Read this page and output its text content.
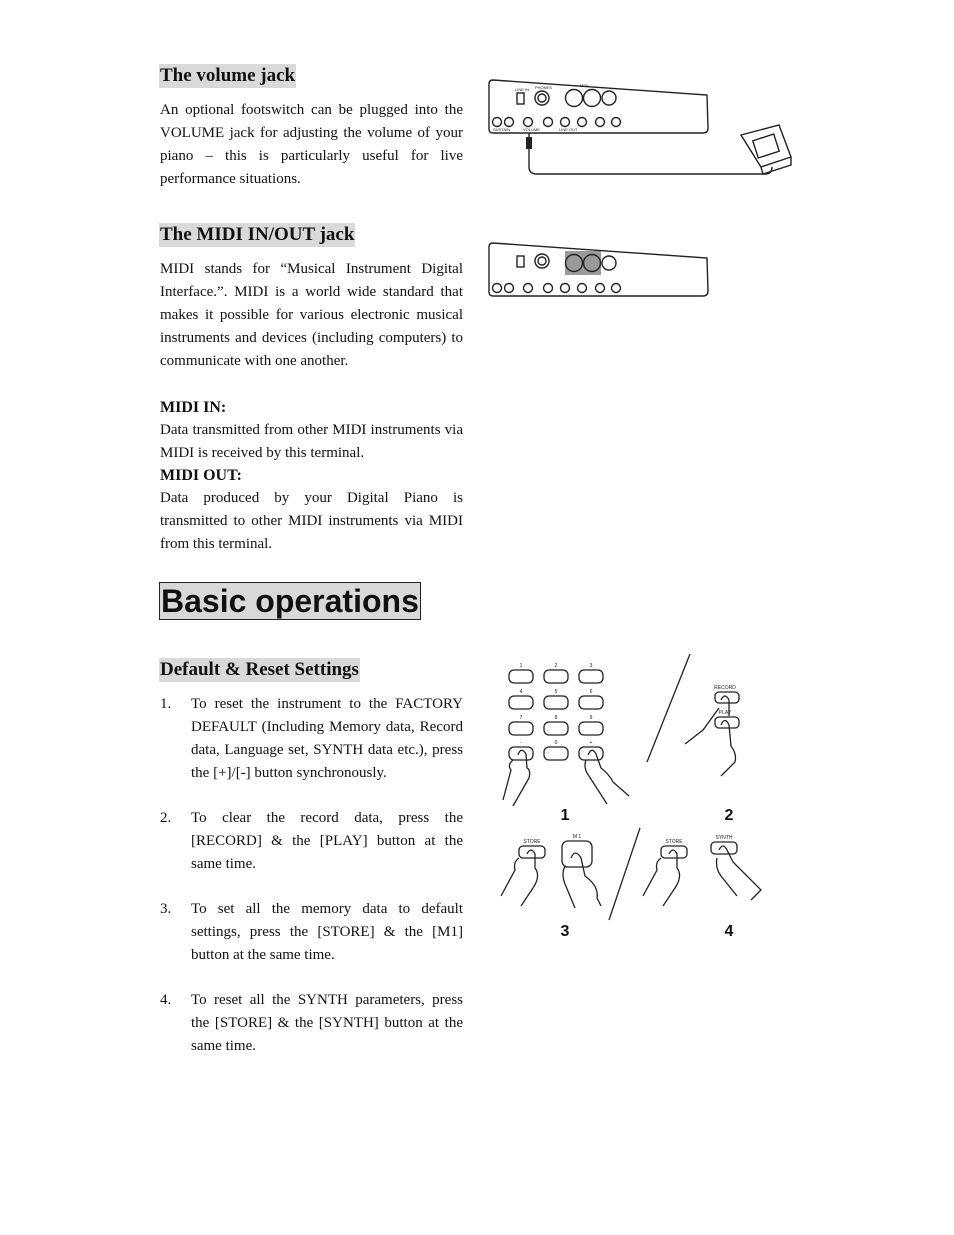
The volume jack
An optional footswitch can be plugged into the VOLUME jack for adjusting the volume of your piano – this is particularly useful for live performance situations.
SUSTAIN	VOLUME	LINE OUT
LINE IN PHONES	MIDI
The MIDI IN/OUT jack
MIDI stands for “Musical Instrument Digital Interface.”. MIDI is a world wide standard that makes it possible for various electronic musical instruments and devices (including computers) to communicate with one another.
MIDI IN:
Data transmitted from other MIDI instruments via MIDI is received by this terminal.
MIDI OUT:
Data produced by your Digital Piano is transmitted to other MIDI instruments via MIDI from this terminal.
Basic operations
Default & Reset Settings
1.	To reset the instrument to the FACTORY DEFAULT (Including Memory data, Record data, Language set, SYNTH data etc.), press the [+]/[-] button synchronously.
2.	To clear the record data, press the [RECORD] & the [PLAY] button at the same time.
3.	To set all the memory data to default settings, press the [STORE] & the [M1] button at the same time.
4.	To reset all the SYNTH parameters, press the [STORE] & the [SYNTH] button at the same time.
1	2	3
4	5	6
7	8	9
-	0	+
RECORD
PLAY
STORE
M 1
STORE
SYNTH
1	2
3	4
